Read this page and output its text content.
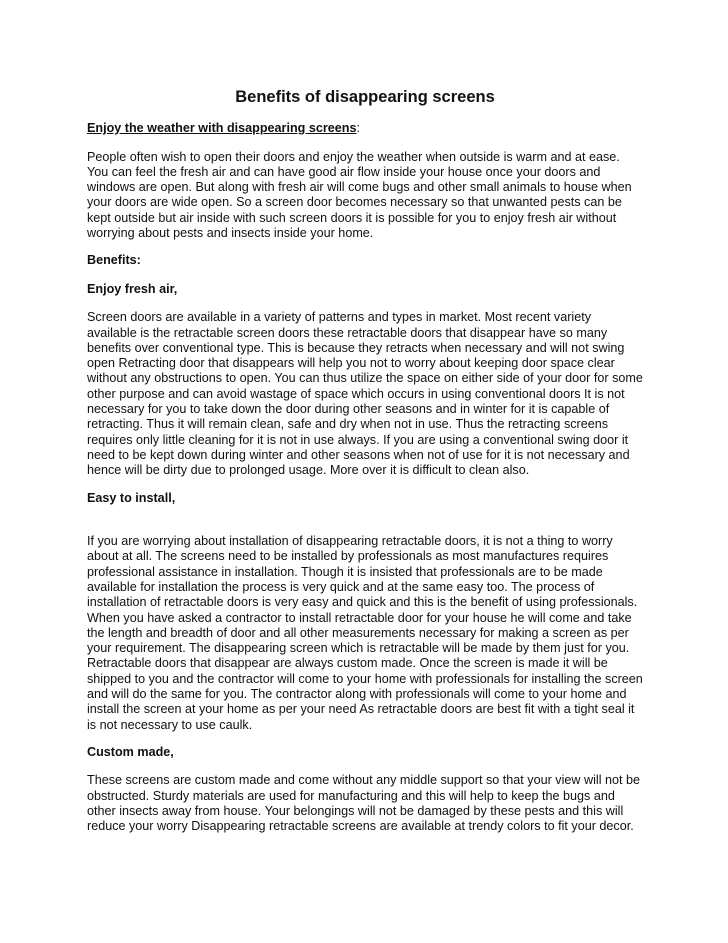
Benefits of disappearing screens
Enjoy the weather with disappearing screens:
People often wish to open their doors and enjoy the weather when outside is warm and at ease. You can feel the fresh air and can have good air flow inside your house once your doors and windows are open. But along with fresh air will come bugs and other small animals to house when your doors are wide open. So a screen door becomes necessary so that unwanted pests can be kept outside but air inside with such screen doors it is possible for you to enjoy fresh air without worrying about pests and insects inside your home.
Benefits:
Enjoy fresh air,
Screen doors are available in a variety of patterns and types in market. Most recent variety available is the retractable screen doors these retractable doors that disappear have so many benefits over conventional type. This is because they retracts when necessary and will not swing open Retracting door that disappears will help you not to worry about keeping door space clear without any obstructions to open. You can thus utilize the space on either side of your door for some other purpose and can avoid wastage of space which occurs in using conventional doors It is not necessary for you to take down the door during other seasons and in winter for it is capable of retracting. Thus it will remain clean, safe and dry when not in use. Thus the retracting screens requires only little cleaning for it is not in use always. If you are using a conventional swing door it need to be kept down during winter and other seasons when not of use for it is not necessary and hence will be dirty due to prolonged usage. More over it is difficult to clean also.
Easy to install,
If you are worrying about installation of disappearing retractable doors, it is not a thing to worry about at all. The screens need to be installed by professionals as most manufactures requires professional assistance in installation. Though it is insisted that professionals are to be made available for installation the process is very quick and at the same easy too. The process of installation of retractable doors is very easy and quick and this is the benefit of using professionals. When you have asked a contractor to install retractable door for your house he will come and take the length and breadth of door and all other measurements necessary for making a screen as per your requirement. The disappearing screen which is retractable will be made by them just for you. Retractable doors that disappear are always custom made. Once the screen is made it will be shipped to you and the contractor will come to your home with professionals for installing the screen and will do the same for you. The contractor along with professionals will come to your home and install the screen at your home as per your need As retractable doors are best fit with a tight seal it is not necessary to use caulk.
Custom made,
These screens are custom made and come without any middle support so that your view will not be obstructed. Sturdy materials are used for manufacturing and this will help to keep the bugs and other insects away from house. Your belongings will not be damaged by these pests and this will reduce your worry Disappearing retractable screens are available at trendy colors to fit your decor.
